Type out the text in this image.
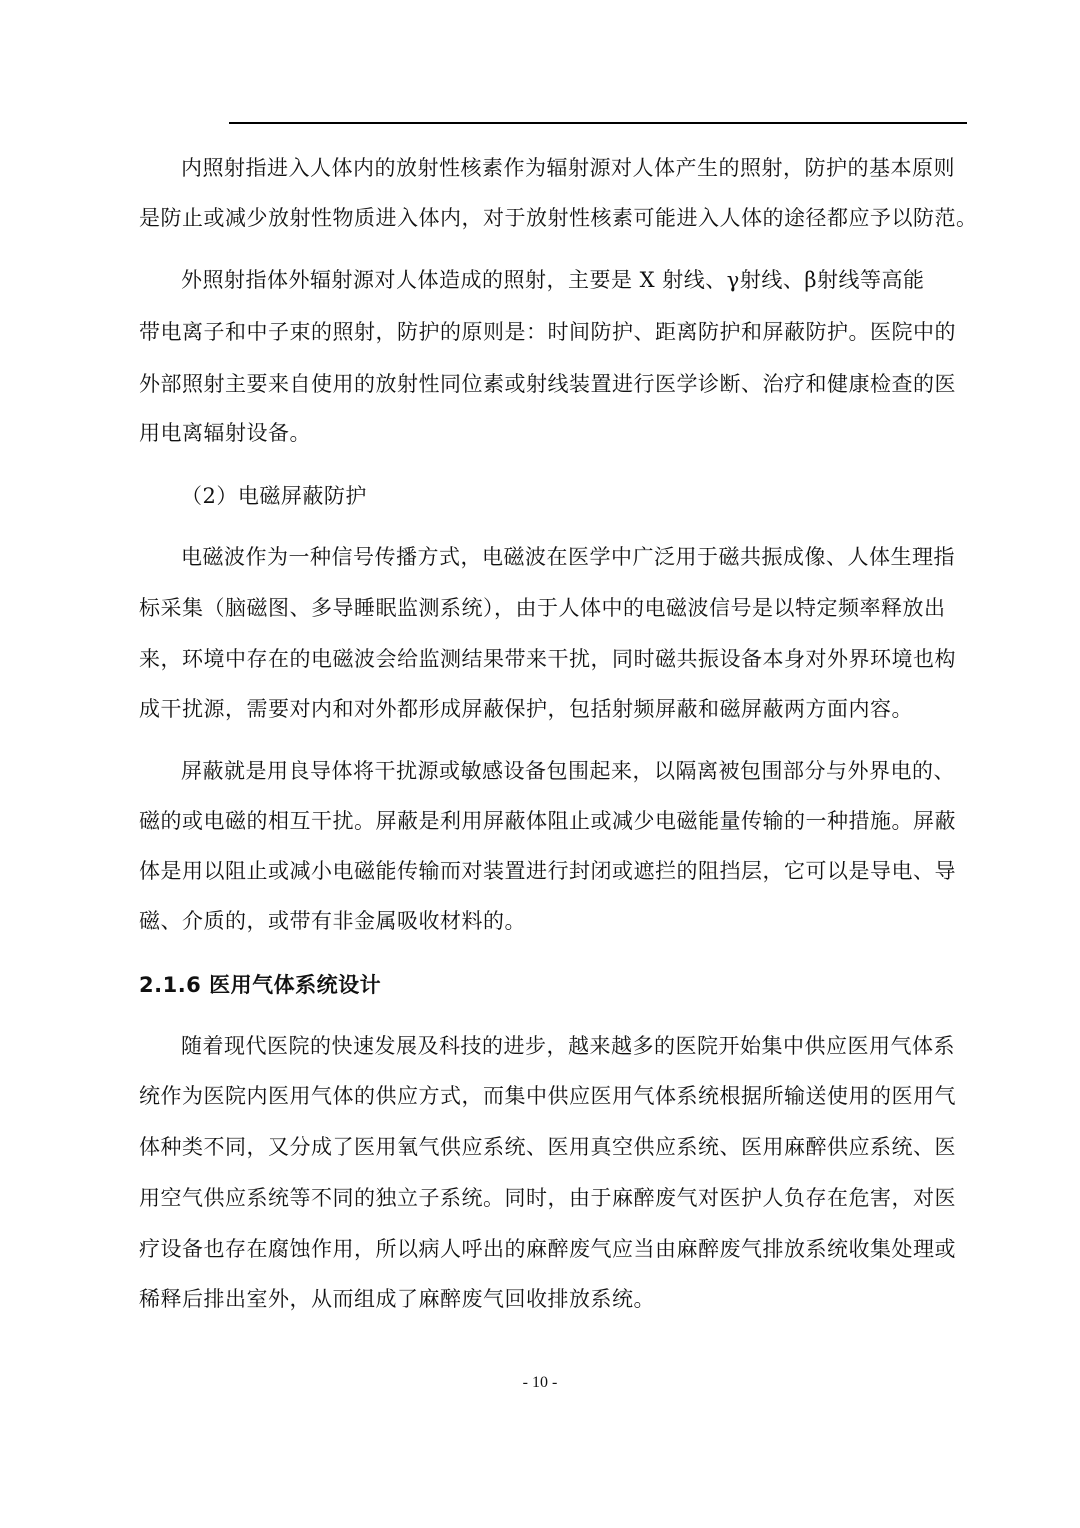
内照射指进入人体内的放射性核素作为辐射源对人体产生的照射，防护的基本原则
是防止或减少放射性物质进入体内，对于放射性核素可能进入人体的途径都应予以防范。
外照射指体外辐射源对人体造成的照射，主要是 X 射线、γ射线、β射线等高能
带电离子和中子束的照射，防护的原则是：时间防护、距离防护和屏蔽防护。医院中的
外部照射主要来自使用的放射性同位素或射线装置进行医学诊断、治疗和健康检查的医
用电离辐射设备。
（2）电磁屏蔽防护
电磁波作为一种信号传播方式，电磁波在医学中广泛用于磁共振成像、人体生理指
标采集（脑磁图、多导睡眠监测系统），由于人体中的电磁波信号是以特定频率释放出
来，环境中存在的电磁波会给监测结果带来干扰，同时磁共振设备本身对外界环境也构
成干扰源，需要对内和对外都形成屏蔽保护，包括射频屏蔽和磁屏蔽两方面内容。
屏蔽就是用良导体将干扰源或敏感设备包围起来，以隔离被包围部分与外界电的、
磁的或电磁的相互干扰。屏蔽是利用屏蔽体阻止或减少电磁能量传输的一种措施。屏蔽
体是用以阻止或减小电磁能传输而对装置进行封闭或遮拦的阻挡层，它可以是导电、导
磁、介质的，或带有非金属吸收材料的。
2.1.6 医用气体系统设计
随着现代医院的快速发展及科技的进步，越来越多的医院开始集中供应医用气体系
统作为医院内医用气体的供应方式，而集中供应医用气体系统根据所输送使用的医用气
体种类不同，又分成了医用氧气供应系统、医用真空供应系统、医用麻醉供应系统、医
用空气供应系统等不同的独立子系统。同时，由于麻醉废气对医护人负存在危害，对医
疗设备也存在腐蚀作用，所以病人呼出的麻醉废气应当由麻醉废气排放系统收集处理或
稀释后排出室外，从而组成了麻醉废气回收排放系统。
- 10 -
